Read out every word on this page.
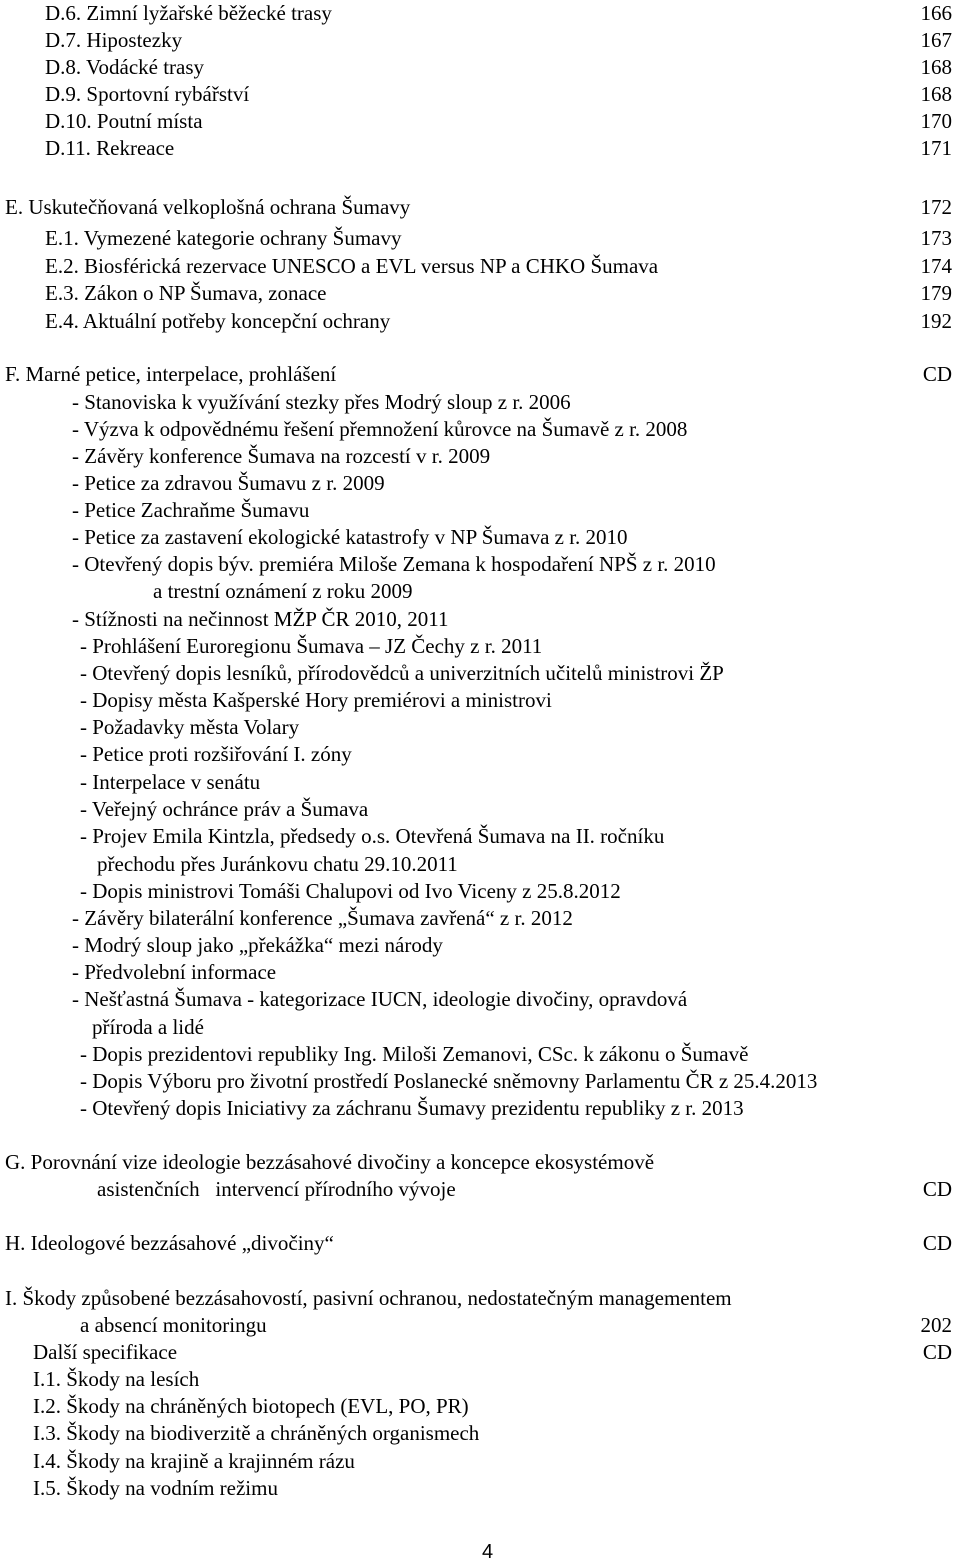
D.6. Zimní lyžařské běžecké trasy	166
D.7. Hipostezky	167
D.8. Vodácké trasy	168
D.9. Sportovní rybářství	168
D.10. Poutní místa	170
D.11. Rekreace	171
E. Uskutečňovaná velkoplošná ochrana Šumavy	172
E.1. Vymezené kategorie ochrany Šumavy	173
E.2. Biosférická rezervace UNESCO a EVL versus NP a CHKO Šumava	174
E.3. Zákon o NP Šumava, zonace	179
E.4. Aktuální potřeby koncepční ochrany	192
F. Marné petice, interpelace, prohlášení	CD
- Stanoviska k využívání stezky přes Modrý sloup z r. 2006
- Výzva k odpovědnému řešení přemnožení kůrovce na Šumavě z r. 2008
- Závěry konference Šumava na rozcestí v r. 2009
- Petice za zdravou Šumavu z r. 2009
- Petice Zachraňme Šumavu
- Petice za zastavení ekologické katastrofy v NP Šumava z r. 2010
- Otevřený dopis býv. premiéra Miloše Zemana k hospodaření NPŠ z r. 2010
a trestní oznámení z roku 2009
- Stížnosti na nečinnost MŽP ČR 2010, 2011
- Prohlášení Euroregionu Šumava – JZ Čechy z r. 2011
- Otevřený dopis lesníků, přírodovědců a univerzitních učitelů ministrovi ŽP
- Dopisy města Kašperské Hory premiérovi a ministrovi
- Požadavky města Volary
- Petice proti rozšiřování I. zóny
- Interpelace v senátu
- Veřejný ochránce práv a Šumava
- Projev Emila Kintzla, předsedy o.s. Otevřená Šumava na II. ročníku
přechodu přes Juránkovu chatu 29.10.2011
- Dopis ministrovi Tomáši Chalupovi od Ivo Viceny z 25.8.2012
- Závěry bilaterální konference „Šumava zavřená“ z r. 2012
- Modrý sloup jako „překážka“ mezi národy
- Předvolební informace
- Nešťastná Šumava - kategorizace IUCN, ideologie divočiny, opravdová
příroda a lidé
- Dopis prezidentovi republiky Ing. Miloši Zemanovi, CSc. k zákonu o Šumavě
- Dopis Výboru pro životní prostředí Poslanecké sněmovny Parlamentu ČR z 25.4.2013
- Otevřený dopis Iniciativy za záchranu Šumavy prezidentu republiky z r. 2013
G. Porovnání vize ideologie bezzásahové divočiny a koncepce ekosystémově
asistenčních   intervencí přírodního vývoje	CD
H. Ideologové bezzásahové „divočiny“	CD
I. Škody způsobené bezzásahovostí, pasivní ochranou, nedostatečným managementem
a absencí monitoringu	202
Další specifikace	CD
I.1. Škody na lesích
I.2. Škody na chráněných biotopech (EVL, PO, PR)
I.3. Škody na biodiverzitě a chráněných organismech
I.4. Škody na krajině a krajinném rázu
I.5. Škody na vodním režimu
4
